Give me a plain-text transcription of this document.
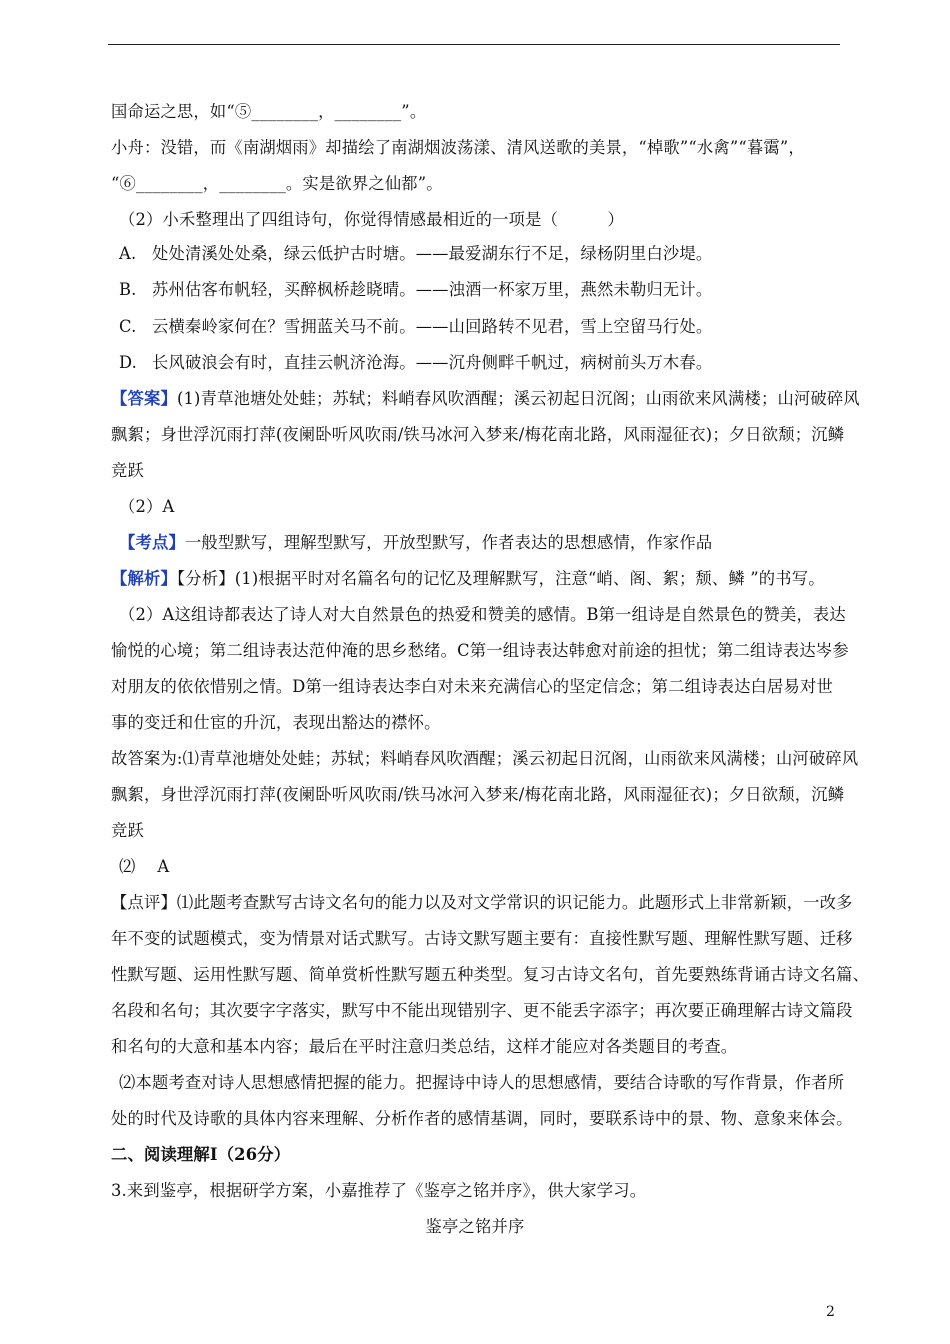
国命运之思，如“⑤________，________”。
小舟：没错，而《南湖烟雨》却描绘了南湖烟波荡漾、清风送歌的美景，“棹歌”“水禽”“暮霭”，
“⑥________，________。实是欲界之仙都”。
（2）小禾整理出了四组诗句，你觉得情感最相近的一项是（　　　）
A. 处处清溪处处桑，绿云低护古时塘。——最爱湖东行不足，绿杨阴里白沙堤。
B. 苏州估客布帆轻，买醉枫桥趁晓晴。——浊酒一杯家万里，燕然未勒归无计。
C. 云横秦岭家何在？雪拥蓝关马不前。——山回路转不见君，雪上空留马行处。
D. 长风破浪会有时，直挂云帆济沧海。——沉舟侧畔千帆过，病树前头万木春。
【答案】(1)青草池塘处处蛙；苏轼；料峭春风吹酒醒；溪云初起日沉阁；山雨欲来风满楼；山河破碎风
飘絮；身世浮沉雨打萍(夜阑卧听风吹雨/铁马冰河入梦来/梅花南北路，风雨湿征衣)；夕日欲颓；沉鳞
竞跃
（2）A
【考点】一般型默写，理解型默写，开放型默写，作者表达的思想感情，作家作品
【解析】【分析】(1)根据平时对名篇名句的记忆及理解默写，注意“峭、阁、絮；颓、鳞 ”的书写。
（2）A这组诗都表达了诗人对大自然景色的热爱和赞美的感情。B第一组诗是自然景色的赞美，表达
愉悦的心境；第二组诗表达范仲淹的思乡愁绪。C第一组诗表达韩愈对前途的担忧；第二组诗表达岑参
对朋友的依依惜别之情。D第一组诗表达李白对未来充满信心的坚定信念；第二组诗表达白居易对世
事的变迁和仕宦的升沉，表现出豁达的襟怀。
故答案为:⑴青草池塘处处蛙；苏轼；料峭春风吹酒醒；溪云初起日沉阁，山雨欲来风满楼；山河破碎风
飘絮，身世浮沉雨打萍(夜阑卧听风吹雨/铁马冰河入梦来/梅花南北路，风雨湿征衣)；夕日欲颓，沉鳞
竞跃
⑵　 A
【点评】⑴此题考查默写古诗文名句的能力以及对文学常识的识记能力。此题形式上非常新颖，一改多
年不变的试题模式，变为情景对话式默写。古诗文默写题主要有：直接性默写题、理解性默写题、迁移
性默写题、运用性默写题、简单赏析性默写题五种类型。复习古诗文名句，首先要熟练背诵古诗文名篇、
名段和名句；其次要字字落实，默写中不能出现错别字、更不能丢字添字；再次要正确理解古诗文篇段
和名句的大意和基本内容；最后在平时注意归类总结，这样才能应对各类题目的考查。
⑵本题考查对诗人思想感情把握的能力。把握诗中诗人的思想感情，要结合诗歌的写作背景，作者所
处的时代及诗歌的具体内容来理解、分析作者的感情基调，同时，要联系诗中的景、物、意象来体会。
二、阅读理解Ⅰ（26分）
3.来到鉴亭，根据研学方案，小嘉推荐了《鉴亭之铭并序》，供大家学习。
鉴亭之铭并序
2
